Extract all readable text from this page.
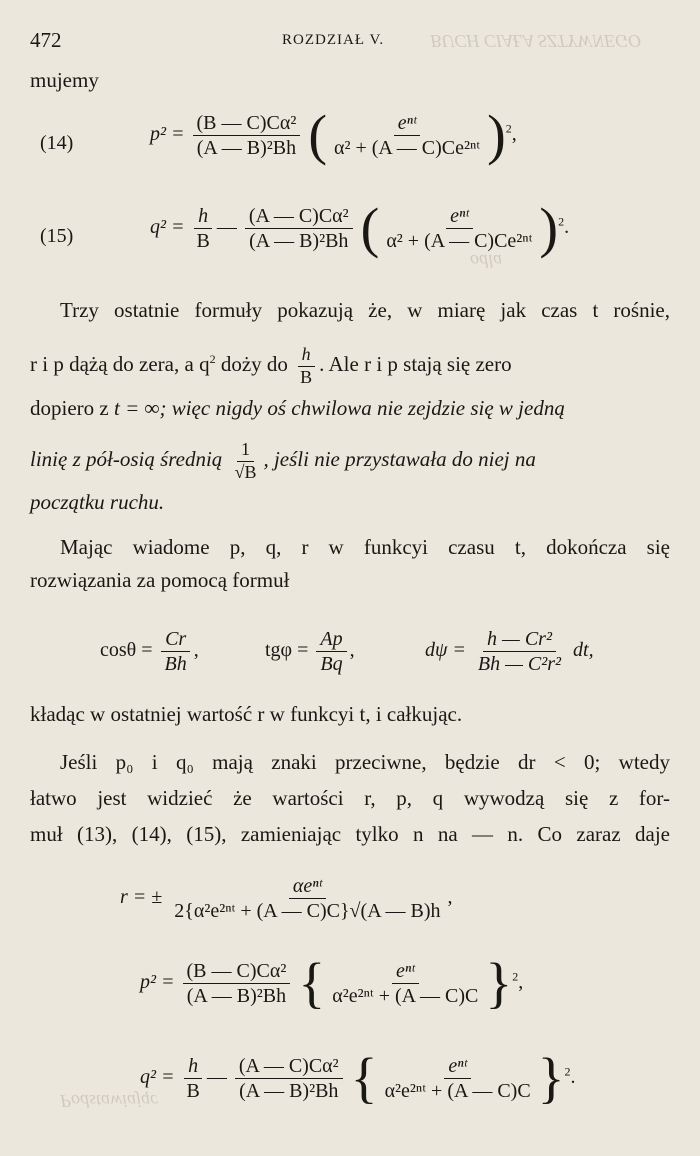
BUCH CIAŁA SZTYWNEGO
odla
Podstawiając
472	ROZDZIAŁ V.
mujemy
(14)	$p^2 = \frac{\text{(B — C)Cα²}}{\text{(A — B)²Bh}}$ ( $\frac{\text{eⁿᵗ}}{\text{α² + (A — C)Ce²ⁿᵗ}} )^2$,
(15)	$q^2 = \frac{h}{B}$ — $\frac{\text{(A — C)Cα²}}{\text{(A — B)²Bh}}$ ( $\frac{\text{eⁿᵗ}}{\text{α² + (A — C)Ce²ⁿᵗ}} )^2$.
Trzy ostatnie formuły pokazują że, w miarę jak czas t rośnie,
r i p dążą do zera, a $q^2$ doży do $\frac{h}{B}$ . Ale r i p stają się zero
dopiero z t = ∞; więc nigdy oś chwilowa nie zejdzie się w jedną
linię z pół-osią średnią $\frac{1}{√B}$ , jeśli nie przystawała do niej na
początku ruchu.
Mając wiadome p, q, r w funkcyi czasu t, dokończa się
rozwiązania za pomocą formuł
$\cos\theta = \frac{Cr}{Bh}$ ,	$tg\varphi = \frac{Ap}{Bq}$ ,	$d\psi = \frac{\text{h — Cr²}}{\text{Bh — C²r²}}$ dt,
kładąc w ostatniej wartość r w funkcyi t, i całkując.
Jeśli p₀ i q₀ mają znaki przeciwne, będzie dr < 0; wtedy
łatwo jest widzieć że wartości r, p, q wywodzą się z for-
muł (13), (14), (15), zamieniając tylko n na — n. Co zaraz daje
r = ± $\frac{\text{αeⁿᵗ}}{\text{2\{α²e²ⁿᵗ + (A — C)C\}√(A — B)h}}$ ,
$p^2 = \frac{\text{(B — C)Cα²}}{\text{(A — B)²Bh}}$ { $\frac{\text{eⁿᵗ}}{\text{α²e²ⁿᵗ + (A — C)C}} \}^2$,
$q^2 = \frac{h}{B}$ — $\frac{\text{(A — C)Cα²}}{\text{(A — B)²Bh}}$ { $\frac{\text{eⁿᵗ}}{\text{α²e²ⁿᵗ + (A — C)C}} \}^2$.
